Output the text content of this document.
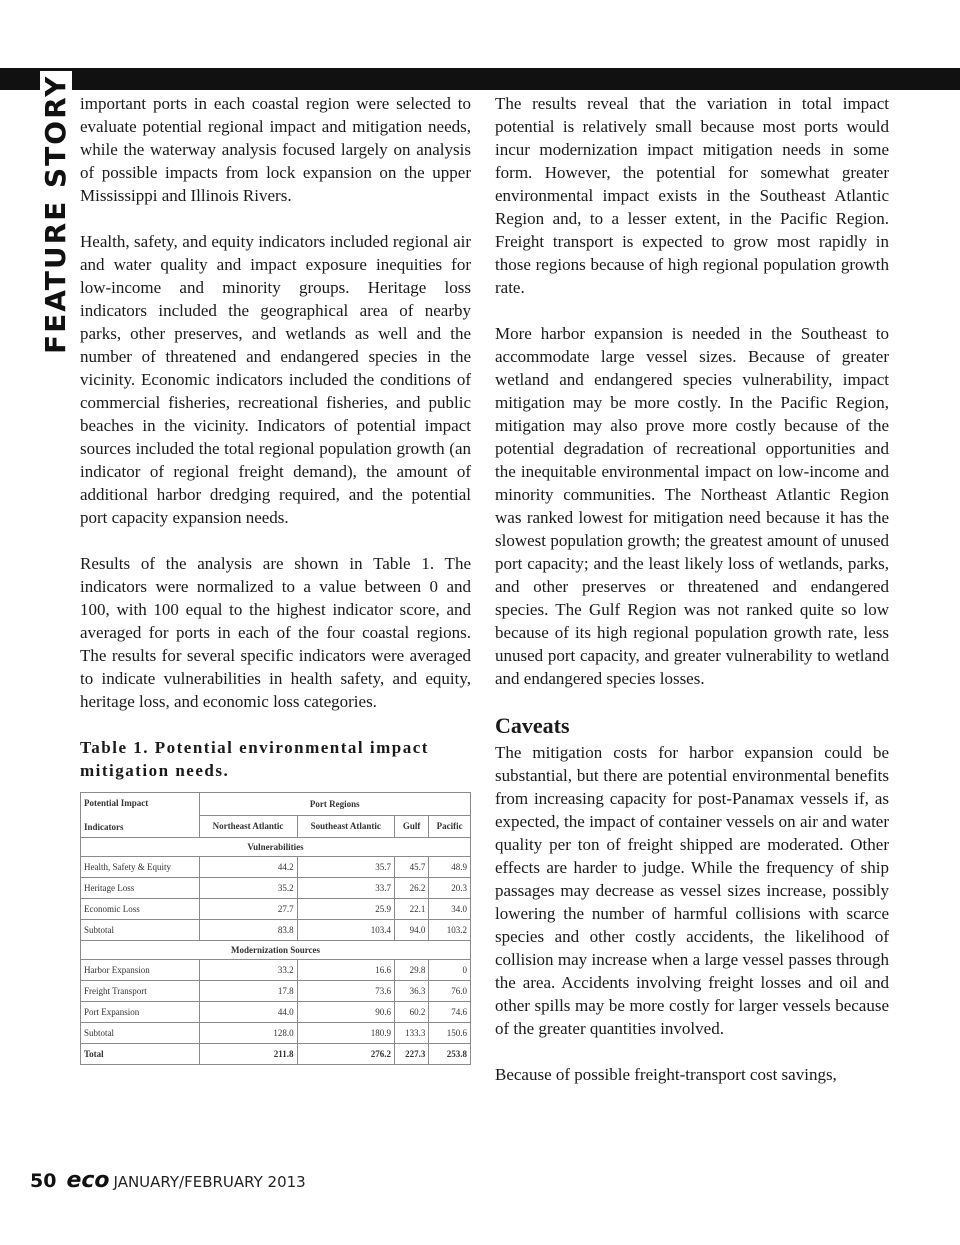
FEATURE STORY important ports in each coastal region were selected to evaluate potential regional impact and mitigation needs, while the waterway analysis focused largely on analysis of possible impacts from lock expansion on the upper Mississippi and Illinois Rivers.

Health, safety, and equity indicators included regional air and water quality and impact exposure inequities for low-income and minority groups. Heritage loss indicators included the geographical area of nearby parks, other preserves, and wetlands as well and the number of threatened and endangered species in the vicinity. Economic indicators included the conditions of commercial fisheries, recreational fisheries, and public beaches in the vicinity. Indicators of potential impact sources included the total regional population growth (an indicator of regional freight demand), the amount of additional harbor dredging required, and the potential port capacity expansion needs.

Results of the analysis are shown in Table 1. The indicators were normalized to a value between 0 and 100, with 100 equal to the highest indicator score, and averaged for ports in each of the four coastal regions. The results for several specific indicators were averaged to indicate vulnerabilities in health safety, and equity, heritage loss, and economic loss categories.

Table 1. Potential environmental impact mitigation needs.

Potential Impact

Indicators	Port Regions			
	Northeast Atlantic	Southeast Atlantic	Gulf	Pacific
Vulnerabilities				
Health, Safety & Equity	44.2	35.7	45.7	48.9
Heritage Loss	35.2	33.7	26.2	20.3
Economic Loss	27.7	25.9	22.1	34.0
Subtotal	83.8	103.4	94.0	103.2
Modernization Sources				
Harbor Expansion	33.2	16.6	29.8	0
Freight Transport	17.8	73.6	36.3	76.0
Port Expansion	44.0	90.6	60.2	74.6
Subtotal	128.0	180.9	133.3	150.6
Total	211.8	276.2	227.3	253.8

The results reveal that the variation in total impact potential is relatively small because most ports would incur modernization impact mitigation needs in some form. However, the potential for somewhat greater environmental impact exists in the Southeast Atlantic Region and, to a lesser extent, in the Pacific Region. Freight transport is expected to grow most rapidly in those regions because of high regional population growth rate.

More harbor expansion is needed in the Southeast to accommodate large vessel sizes. Because of greater wetland and endangered species vulnerability, impact mitigation may be more costly. In the Pacific Region, mitigation may also prove more costly because of the potential degradation of recreational opportunities and the inequitable environmental impact on low-income and minority communities. The Northeast Atlantic Region was ranked lowest for mitigation need because it has the slowest population growth; the greatest amount of unused port capacity; and the least likely loss of wetlands, parks, and other preserves or threatened and endangered species. The Gulf Region was not ranked quite so low because of its high regional population growth rate, less unused port capacity, and greater vulnerability to wetland and endangered species losses.

Caveats

The mitigation costs for harbor expansion could be substantial, but there are potential environmental benefits from increasing capacity for post-Panamax vessels if, as expected, the impact of container vessels on air and water quality per ton of freight shipped are moderated. Other effects are harder to judge. While the frequency of ship passages may decrease as vessel sizes increase, possibly lowering the number of harmful collisions with scarce species and other costly accidents, the likelihood of collision may increase when a large vessel passes through the area. Accidents involving freight losses and oil and other spills may be more costly for larger vessels because of the greater quantities involved.

Because of possible freight-transport cost savings,

50 eco JANUARY/FEBRUARY 2013
